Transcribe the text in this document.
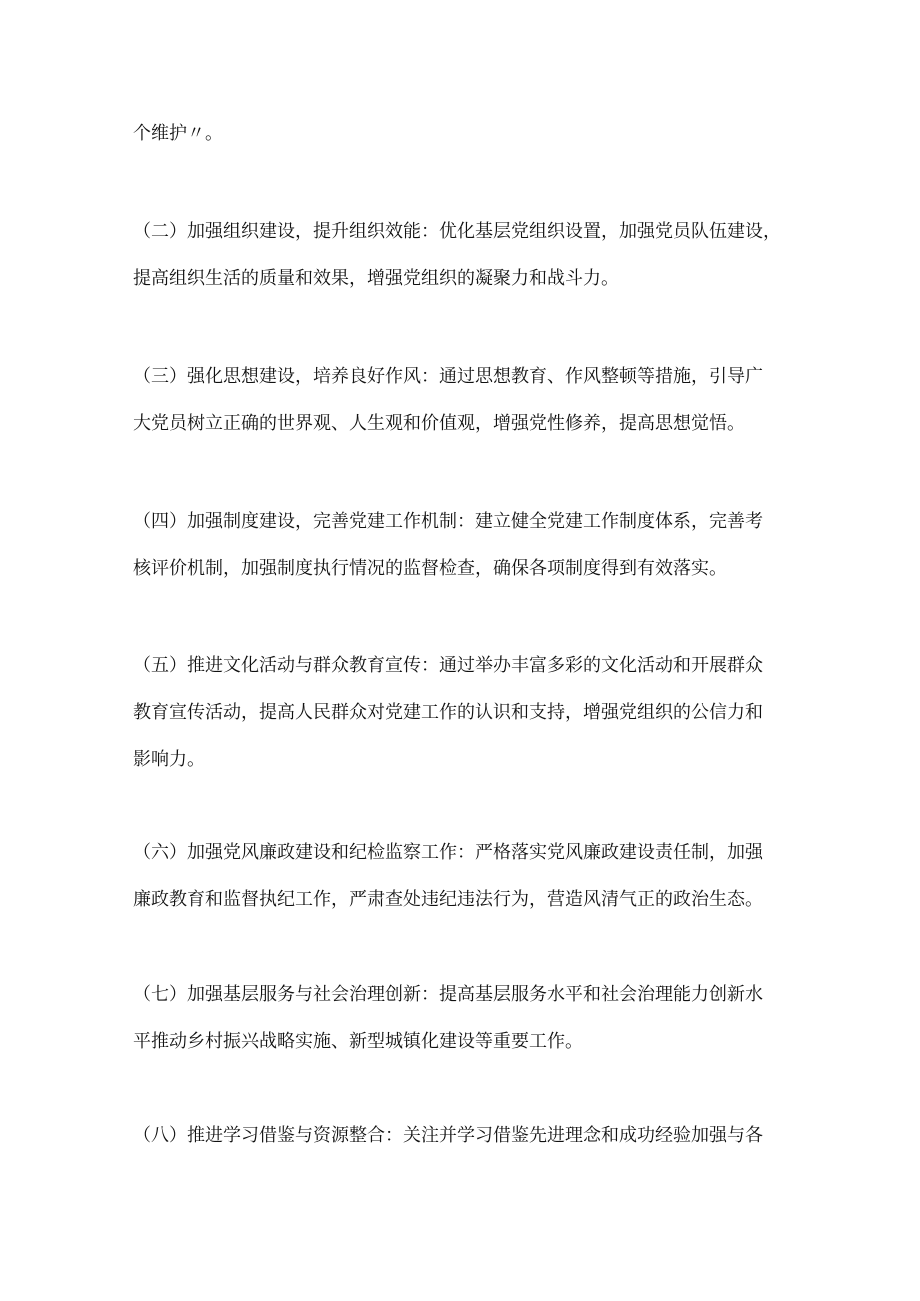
个维护〃。

（二）加强组织建设，提升组织效能：优化基层党组织设置，加强党员队伍建设，

提高组织生活的质量和效果，增强党组织的凝聚力和战斗力。

（三）强化思想建设，培养良好作风：通过思想教育、作风整顿等措施，引导广

大党员树立正确的世界观、人生观和价值观，增强党性修养，提高思想觉悟。

（四）加强制度建设，完善党建工作机制：建立健全党建工作制度体系，完善考

核评价机制，加强制度执行情况的监督检查，确保各项制度得到有效落实。

（五）推进文化活动与群众教育宣传：通过举办丰富多彩的文化活动和开展群众

教育宣传活动，提高人民群众对党建工作的认识和支持，增强党组织的公信力和

影响力。

（六）加强党风廉政建设和纪检监察工作：严格落实党风廉政建设责任制，加强

廉政教育和监督执纪工作，严肃查处违纪违法行为，营造风清气正的政治生态。

（七）加强基层服务与社会治理创新：提高基层服务水平和社会治理能力创新水

平推动乡村振兴战略实施、新型城镇化建设等重要工作。

（八）推进学习借鉴与资源整合：关注并学习借鉴先进理念和成功经验加强与各
